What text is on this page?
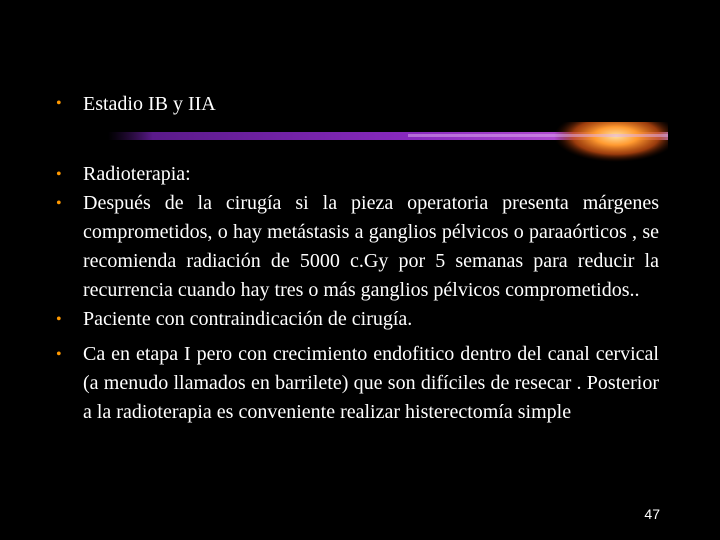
• Estadio IB y IIA
• Radioterapia:
• Después de la cirugía si la pieza operatoria presenta márgenes comprometidos, o hay metástasis a ganglios pélvicos o paraaórticos , se recomienda radiación de 5000 c.Gy por 5 semanas para reducir la recurrencia cuando hay tres o más ganglios pélvicos comprometidos..
• Paciente con contraindicación de cirugía.
• Ca en etapa I pero con crecimiento endofitico dentro del canal cervical (a menudo llamados en barrilete) que son difíciles de resecar . Posterior a la radioterapia es conveniente realizar histerectomía simple
47
